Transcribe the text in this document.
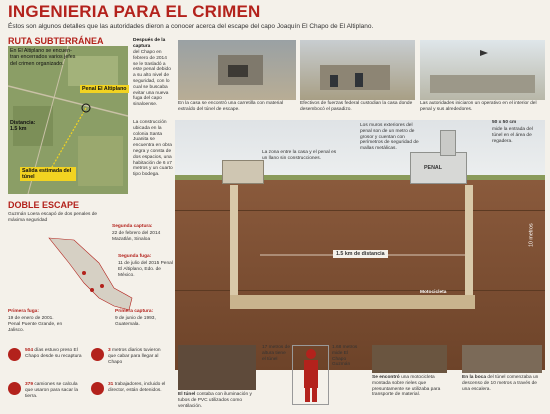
INGENIERIA PARA EL CRIMEN
Éstos son algunos detalles que las autoridades dieron a conocer acerca del escape del capo Joaquín El Chapo de El Altiplano.
RUTA SUBTERRÁNEA
En El Altiplano se encuen- tran encerrados varios jefes del crimen organizado.
Penal El Altiplano
Distancia: 1.5 km
Salida estimada del túnel
Después de la captura
del Chapo en febrero de 2014 se le trasladó a este penal debido a su alto nivel de seguridad, con lo cual se buscaba evitar una nueva fuga del capo sinaloense.
La construcción ubicada en la colonia Santa Juanita se encuentra en obra negra y consta de dos espacios, una habitación de 6 x7 metros y un cuarto tipo bodega.
En la casa se encontró una carretilla con material extraído del túnel de escape.
Efectivos de fuerzas federal custodian la casa donde desembocó el pasadizo.
Las autoridades iniciaron un operativo en el interior del penal y sus alrededores.
PENAL
Los muros exteriores del penal son de un metro de grosor y cuentan con perímetros de seguridad de mallas metálicas.
La zona entre la casa y el penal es un llano sin construcciones.
50 x 50 cm
mide la entrada del túnel en el área de regadera.
1.5 km de distancia
10 metros
Motocicleta
DOBLE ESCAPE
Guzmán Loera escapó de dos penales de máxima seguridad
Segunda captura:
22 de febrero del 2014 Mazatlán, Sinaloa
Segunda fuga:
11 de julio del 2015 Penal El Altiplano, Edo. de México.
Primera fuga:
19 de enero de 2001. Penal Puente Grande, en Jalisco.
Primera captura:
9 de junio de 1993, Guatemala.
504 días estuvo preso El Chapo desde su recaptura
3 metros diarios tuvieron que cabar para llegar al Chapo
379 camiones se calcula que usaron para sacar la tierra.
31 trabajadores, incluido el director, están detenidos.
El túnel contaba con iluminación y tubos de PVC utilizados como ventilación.
17 metros de altura tiene el túnel
1.68 metros mide El Chapo Guzmán
Se encontró una motocicleta montada sobre rieles que presuntamente se utilizaba para transporte de material.
En la boca del túnel comenzaba un descenso de 10 metros a través de una escalera.
